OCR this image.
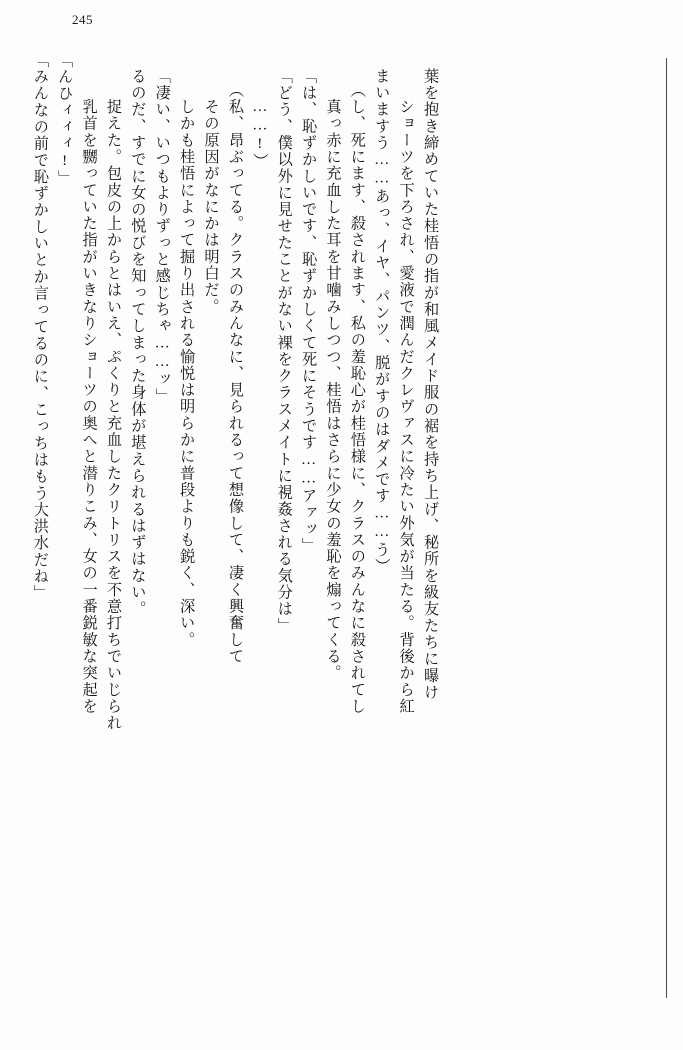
245
「みんなの前で恥ずかしいとか言ってるのに、こっちはもう大洪水だね」 「んひィィィ!」 　乳首を嬲っていた指がいきなりショーツの奥へと潜りこみ、女の一番鋭敏な突起を 　捉えた。包皮の上からとはいえ、ぷくりと充血したクリトリスを不意打ちでいじられ るのだ、すでに女の悦びを知ってしまった身体が堪えられるはずはない。 「凄い、いつもよりずっと感じちゃ……ッ」 　しかも桂悟によって掘り出される愉悦は明らかに普段よりも鋭く、深い。 　その原因がなにかは明白だ。 （私、昂ぶってる。クラスのみんなに、見られるって想像して、凄く興奮して ……!） 「どう、僕以外に見せたことがない裸をクラスメイトに視姦される気分は」 「は、恥ずかしいです、恥ずかしくて死にそうです……アァッ」 　真っ赤に充血した耳を甘噛みしつつ、桂悟はさらに少女の羞恥を煽ってくる。 （し、死にます、殺されます、私の羞恥心が桂悟様に、クラスのみんなに殺されてし まいますう……あっ、イヤ、パンツ、脱がすのはダメです……う） 　ショーツを下ろされ、愛液で潤んだクレヴァスに冷たい外気が当たる。背後から紅 葉を抱き締めていた桂悟の指が和風メイド服の裾を持ち上げ、秘所を級友たちに曝け
